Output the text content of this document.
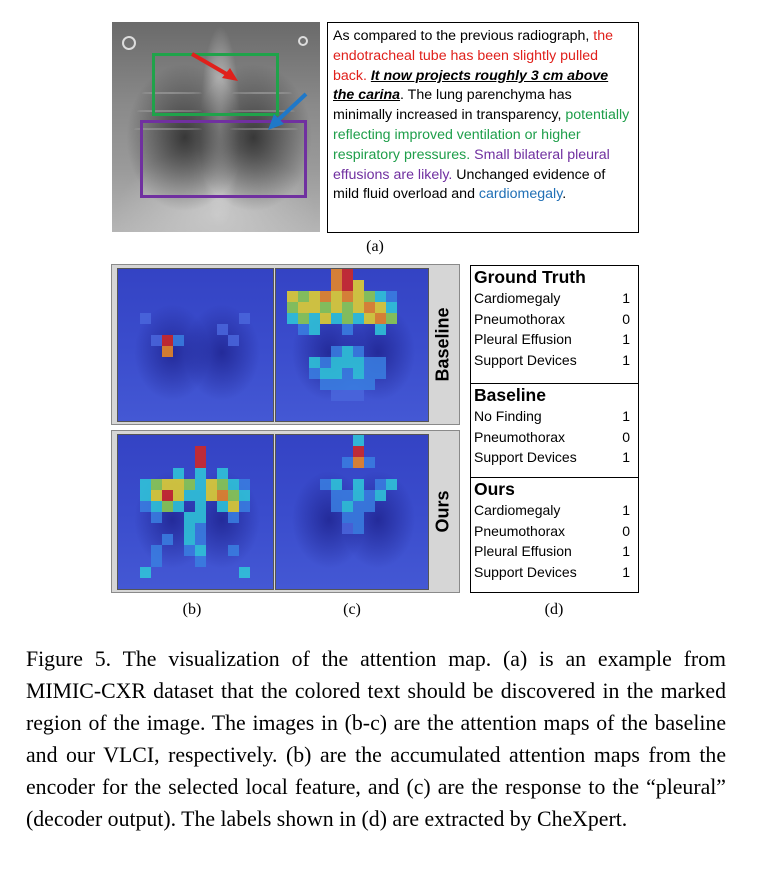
As compared to the previous radiograph, the endotracheal tube has been slightly pulled back. It now projects roughly 3 cm above the carina. The lung parenchyma has minimally increased in transparency, potentially reflecting improved ventilation or higher respiratory pressures. Small bilateral pleural effusions are likely. Unchanged evidence of mild fluid overload and cardiomegaly.
(a)
Baseline
Ours
(b)	(c)
Ground Truth
Cardiomegaly	1
Pneumothorax	0
Pleural Effusion	1
Support Devices	1
Baseline
No Finding	1
Pneumothorax	0
Support Devices	1
Ours
Cardiomegaly	1
Pneumothorax	0
Pleural Effusion	1
Support Devices	1
(d)
Figure 5. The visualization of the attention map. (a) is an example from MIMIC-CXR dataset that the colored text should be discovered in the marked region of the image. The images in (b-c) are the attention maps of the baseline and our VLCI, respectively. (b) are the accumulated attention maps from the encoder for the selected local feature, and (c) are the response to the “pleural” (decoder output). The labels shown in (d) are extracted by CheXpert.
